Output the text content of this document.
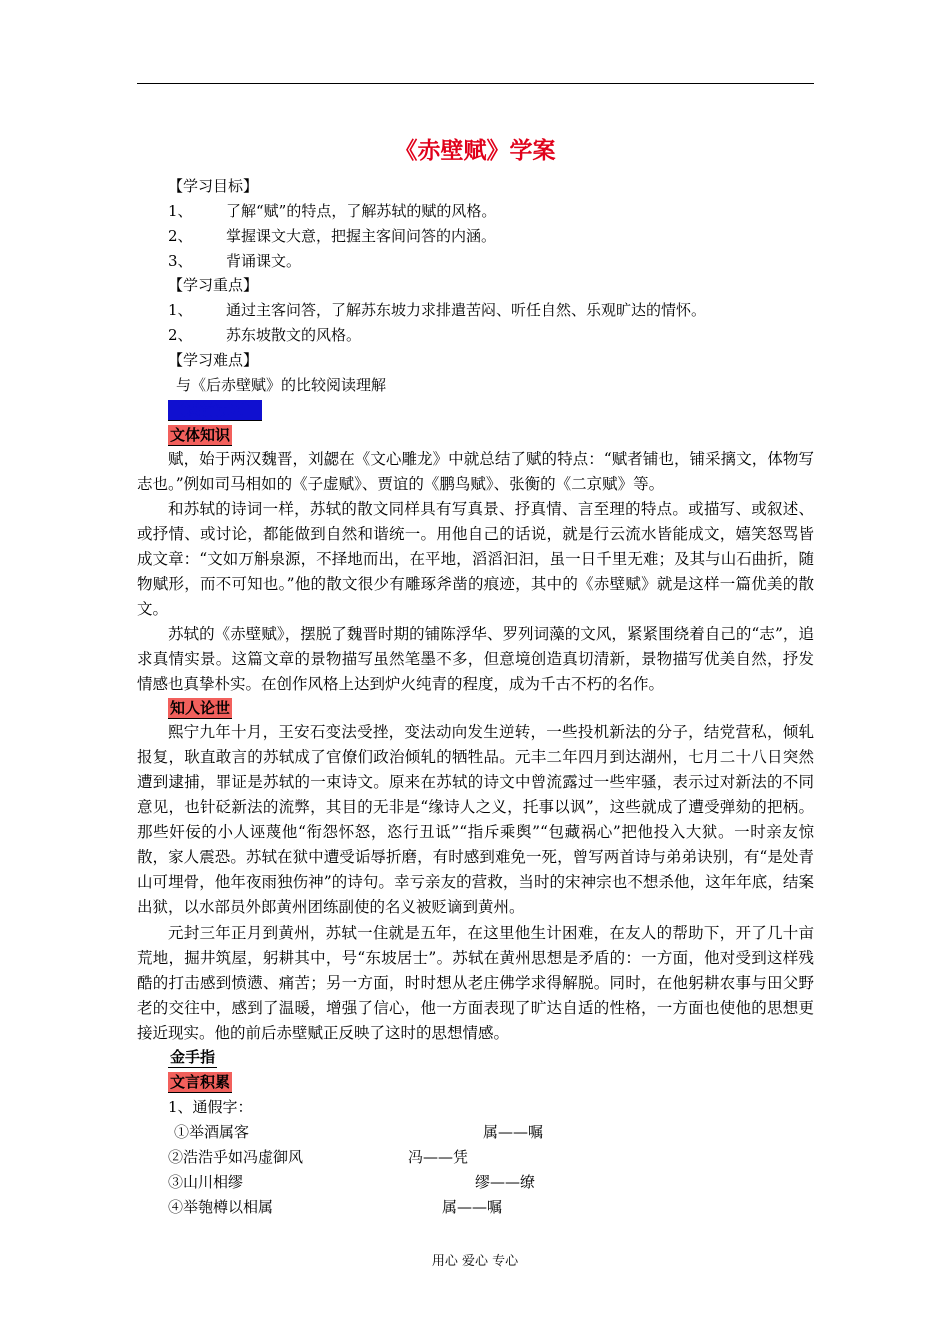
《赤壁赋》学案
【学习目标】
1、 了解“赋”的特点，了解苏轼的赋的风格。
2、 掌握课文大意，把握主客间问答的内涵。
3、 背诵课文。
【学习重点】
1、 通过主客问答，了解苏东坡力求排遣苦闷、听任自然、乐观旷达的情怀。
2、 苏东坡散文的风格。
【学习难点】
与《后赤壁赋》的比较阅读理解
【课前预习】
文体知识
赋，始于两汉魏晋，刘勰在《文心雕龙》中就总结了赋的特点：“赋者铺也，铺采摛文，体物写志也。”例如司马相如的《子虚赋》、贾谊的《鹏鸟赋》、张衡的《二京赋》等。
和苏轼的诗词一样，苏轼的散文同样具有写真景、抒真情、言至理的特点。或描写、或叙述、或抒情、或讨论，都能做到自然和谐统一。用他自己的话说，就是行云流水皆能成文，嬉笑怒骂皆成文章：“文如万斛泉源，不择地而出，在平地，滔滔汩汩，虽一日千里无难；及其与山石曲折，随物赋形，而不可知也。”他的散文很少有雕琢斧凿的痕迹，其中的《赤壁赋》就是这样一篇优美的散文。
苏轼的《赤壁赋》，摆脱了魏晋时期的铺陈浮华、罗列词藻的文风，紧紧围绕着自己的“志”，追求真情实景。这篇文章的景物描写虽然笔墨不多，但意境创造真切清新，景物描写优美自然，抒发情感也真挚朴实。在创作风格上达到炉火纯青的程度，成为千古不朽的名作。
知人论世
熙宁九年十月，王安石变法受挫，变法动向发生逆转，一些投机新法的分子，结党营私，倾轧报复，耿直敢言的苏轼成了官僚们政治倾轧的牺牲品。元丰二年四月到达湖州，七月二十八日突然遭到逮捕，罪证是苏轼的一束诗文。原来在苏轼的诗文中曾流露过一些牢骚，表示过对新法的不同意见，也针砭新法的流弊，其目的无非是“缘诗人之义，托事以讽”，这些就成了遭受弹劾的把柄。那些奸佞的小人诬蔑他“衔怨怀怒，恣行丑诋”“指斥乘舆”“包藏祸心”把他投入大狱。一时亲友惊散，家人震恐。苏轼在狱中遭受诟辱折磨，有时感到难免一死，曾写两首诗与弟弟诀别，有“是处青山可埋骨，他年夜雨独伤神”的诗句。幸亏亲友的营救，当时的宋神宗也不想杀他，这年年底，结案出狱，以水部员外郎黄州团练副使的名义被贬谪到黄州。
元封三年正月到黄州，苏轼一住就是五年，在这里他生计困难，在友人的帮助下，开了几十亩荒地，掘井筑屋，躬耕其中，号“东坡居士”。苏轼在黄州思想是矛盾的：一方面，他对受到这样残酷的打击感到愤懑、痛苦；另一方面，时时想从老庄佛学求得解脱。同时，在他躬耕农事与田父野老的交往中，感到了温暖，增强了信心，他一方面表现了旷达自适的性格，一方面也使他的思想更接近现实。他的前后赤壁赋正反映了这时的思想情感。
金手指
文言积累
1、通假字：
①举酒属客	属——嘱
②浩浩乎如冯虚御风	冯——凭
③山川相缪	缪——缭
④举匏樽以相属	属——嘱
用心 爱心 专心
